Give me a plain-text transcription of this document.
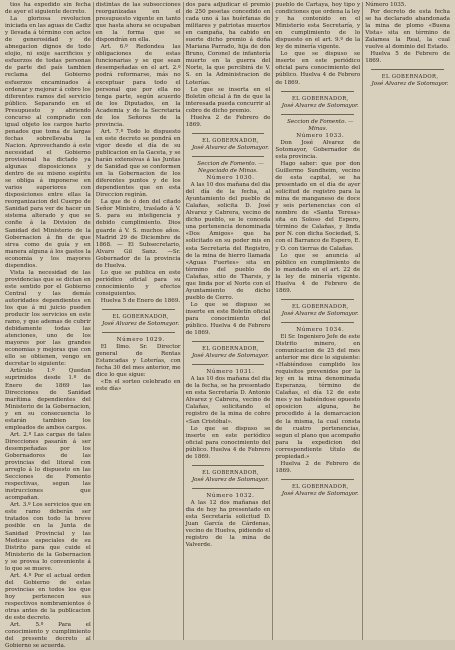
tios ha expedido sin fecha de ayer el siguiente decreto.

La gloriosa revolucion iniciada en las aguas de Cadiz y llevada á término con actos de generosidad y de abnegacion dignos de todo elojio, ni exije sacrificios y esfuerzos de todas personas de parte del país tambien reclama del Gobierno esfuerzos encaminados á ordenar y mejorar á cobro los diferentes ramos del servicio público. Separando en el Presupuesto y abriendo concurso al comprado con igual objeto los cargos harto penados que toma de largas fechas sobrellevaba la Nacion. Aprovechando á este necesidad el Gobierno provisional ha dictado ya algunas disposiciones y dentro de su mismo espíritu se obliga á imponerse en varios superiores con disposiciones entre ellas la reorganizacion del Cuerpo de Sanidad para ver de hacer un sistema alterado y que se confie á la Division de Sanidad del Ministerio de la Gobernacion á fin de que sirva como de guía y en manera alguna á los gastos la economia y los mayores dispendios.

Vista la necesidad de las providencias que se dictan en este sentido por el Gobierno Central y las demás autoridades dependientes en los que á mi juicio pueden producir los servicios en este ramo, y que ademas de cubrir debidamente todas las atenciones, uno de los mayores por las grandes economias y mejoras que con ello se obtienen, vengo en decretar lo siguiente:

Artículo 1.º Quedan suprimidos desde 1.º de Enero de 1869 las Direcciones de Sanidad marítima dependientes del Ministerio de la Gobernacion, y en su consecuencia lo estarán tambien los empleados de ambos cargos.

Art. 2.º Las cargas de tales Direcciones pasarán á ser desempeñadas por los Gobernadores de las provincias del litoral con arreglo á lo dispuesto en las Secciones de Fomento respectivas, segun las instrucciones que acompañan.

Art. 3.º Los servicios que en este ramo deberán ser tratados con todo la breve posible en la Junta de Sanidad Provincial y las Medicas especiales de su Distrito para que cuide el Ministerio de la Gobernacion y se provea lo conveniente á lo que se mueve.

Art. 4.º Por el actual orden del Gobierno de estas provincias en todos los que hoy pertenecen sus respectivos nombramientos ó otras antes de la publicacion de este decreto.

Art. 5.º Para el conocimiento y cumplimiento del presente decreto al Gobierno se acuerda.

distintas de las subsecciones reorganizadas en el presupuesto vigente en tanto que hasta ahora se ocupaban en la forma que se dispondrán en ella.

Art. 6.º Redondea las obligaciones de estas funcionarias y se que sean desempeñadas en el art. 2.º podrá reformarse, más no exceptuar para todo el personal que por ella no tenga parte, según acuerdo de los Diputados, en la Academia y de la Secretaria de los Señores de la provincia.

Art. 7.º Todo lo dispuesto en este decreto se pondrá en vigor desde el día de su publicacion en la Gaceta, y se harán extensivas á las Juntas de Sanidad que se conformen en la Gobernacion de los diferentes puntos y de los dependientes que en esta Direccion regirán.

La que de ó den del citado Señor Ministro, traslado á V. S. para su inteligencia y debido cumplimiento. Dios guarde á V. S. muchos años. Madrid 29 de Diciembre de 1868. — El Subsecretario, Alvaro Gil Sanz. —Sr. Gobernador de la provincia de Huelva.

Lo que se publica en este periódico oficial para su conocimiento y efectos consiguientes.

Huelva 5 de Enero de 1869.

EL GOBERNADOR,

José Alvarez de Sotomayor.

Número 1029.

El Ilmo. Sr. Director general de Rentas Estancadas y Loterías, con fecha 30 del mes anterior, me dice lo que sigue:

«En el sorteo celebrado en este día»

dos para adjudicar el premio de 250 pesetas concedido en cada uno á las huérfanas de militares y patriotas muertos en campaña, ha cabido en suerte dicho premio á doña Mariana Parrado, hija de don Bruno, Coronel de infantería muerto en la guerra del Norte, la que percibirá de V. S. en la Administracion de Loterías.

Lo que se inserta en el Boletin oficial á fin de que la interesada pueda concurrir al cobro de dicho premio.

Huelva 2 de Febrero de 1869.

EL GOBERNADOR,

José Alvarez de Sotomayor.

Seccion de Fomento. — Negociado de Minas.

Número 1030.

A las 10 dos mañana del dia del día de la fecha, al Ayuntamiento del pueblo de Calañas, solicita D. José Alvarez y Cabrera, vecino de dicho pueblo, se le conceda una pertenencia denominada «Dos Amigos» que ha solicitado en su poder mis en esta Secretaria del Registro, de la mina de hierro llamada «Aguas Fuertes» sita en término del pueblo de Calañas, sitio de Tharsis, y que linda por el Norte con el Ayuntamiento de dicho pueblo de Cerro.

Lo que se dispuso se inserte en este Boletín oficial para conocimiento del público. Huelva 4 de Febrero de 1869.

EL GOBERNADOR,

José Alvarez de Sotomayor.

Número 1031.

A las 10 dos mañana del dia de la fecha, se ha presentado en esta Secretaría D. Antonio Alvarez y Cabrera, vecino de Calañas, solicitando el registro de la mina de cobre «San Cristóbal».

Lo que se dispuso se inserte en este periódico oficial para conocimiento del público. Huelva 4 de Febrero de 1869.

EL GOBERNADOR,

José Alvarez de Sotomayor.

Número 1032.

A las 12 dos mañanas del dia de hoy ha presentado en esta Secretaría solicitud D. Juan García de Cárdenas, vecino de Huelva, pidiendo el registro de la mina de Valverde.

pueblo de Cartaya, hoy tipo y condiciones que ordena la ley y ha contenido en el Ministerio esta Secretaría, y en cumplimiento de lo dispuesto en el art. 9.º de la ley de minería vigente.

Lo que se dispuso se inserte en este periódico oficial para conocimiento del público. Huelva 4 de Febrero de 1869.

EL GOBERNADOR,

José Alvarez de Sotomayor.

Seccion de Fomento. — Minas.

Número 1033.

Don José Alvarez de Sotomayor, Gobernador de esta provincia.

Hago saber: que por don Guillermo Sundheim, vecino de esta capital, se ha presentado en el día de ayer solicitud de registro para la mina de manganeso de doce y seis pertenencias con el nombre de «Santa Teresa» sita en Soloso del Espero, término de Calañas, y linda por N. con dicha Sociedad, S. con el Barranco de Espero, E. y O. con tierras de Calañas.

Lo que se anuncia al público en cumplimiento de lo mandado en el art. 22 de la ley de minería vigente. Huelva 4 de Febrero de 1869.

EL GOBERNADOR,

José Alvarez de Sotomayor.

Número 1034.

El Sr. Ingeniero Jefe de este Distrito minero, en comunicacion de 25 del mes anterior me dice lo siguiente: «Habiéndose cumplido los requisitos prevenidos por la ley en la mina denominada Esperanza, término de Calañas, el día 12 de este mes y no habiéndose opuesto oposicion alguna, he procedido á la demarcacion de la misma, la cual consta de cuatro pertenencias, segun el plano que acompaño para la expedicion del correspondiente título de propiedad.»

Huelva 2 de Febrero de 1869.

EL GOBERNADOR,

José Alvarez de Sotomayor.

Número 1035.

Por decreto de esta fecha se ha declarado abandonada la mina de plomo «Buena Vista» sita en término de Zalamea la Real, la cual vuelve al dominio del Estado.

Huelva 5 de Febrero de 1869.

EL GOBERNADOR,

José Alvarez de Sotomayor.
